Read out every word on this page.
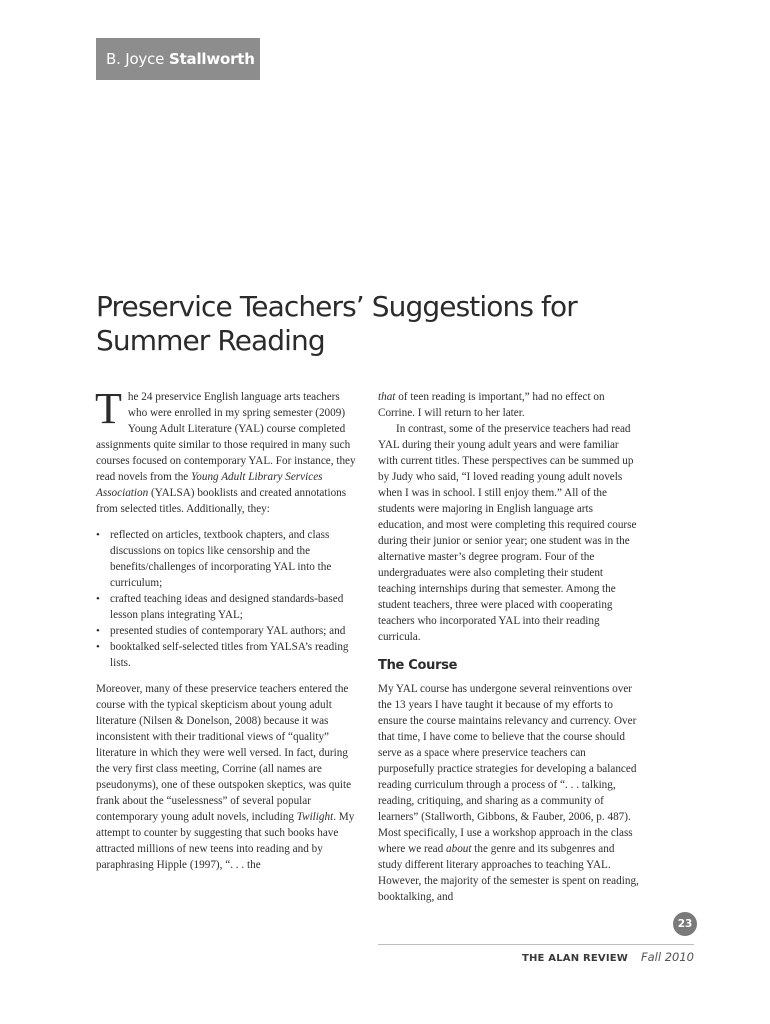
B. Joyce Stallworth
Preservice Teachers’ Suggestions for
Summer Reading

The 24 preservice English language arts teachers who were enrolled in my spring semester (2009) Young Adult Literature (YAL) course completed assignments quite similar to those required in many such courses focused on contemporary YAL. For instance, they read novels from the Young Adult Library Services Association (YALSA) booklists and created annotations from selected titles. Additionally, they:

• reflected on articles, textbook chapters, and class discussions on topics like censorship and the benefits/challenges of incorporating YAL into the curriculum;
• crafted teaching ideas and designed standards-based lesson plans integrating YAL;
• presented studies of contemporary YAL authors; and
• booktalked self-selected titles from YALSA’s reading lists.

Moreover, many of these preservice teachers entered the course with the typical skepticism about young adult literature (Nilsen & Donelson, 2008) because it was inconsistent with their traditional views of “quality” literature in which they were well versed. In fact, during the very first class meeting, Corrine (all names are pseudonyms), one of these outspoken skeptics, was quite frank about the “uselessness” of several popular contemporary young adult novels, including Twilight. My attempt to counter by suggesting that such books have attracted millions of new teens into reading and by paraphrasing Hipple (1997), “. . . the

that of teen reading is important,” had no effect on Corrine. I will return to her later.

In contrast, some of the preservice teachers had read YAL during their young adult years and were familiar with current titles. These perspectives can be summed up by Judy who said, “I loved reading young adult novels when I was in school. I still enjoy them.” All of the students were majoring in English language arts education, and most were completing this required course during their junior or senior year; one student was in the alternative master’s degree program. Four of the undergraduates were also completing their student teaching internships during that semester. Among the student teachers, three were placed with cooperating teachers who incorporated YAL into their reading curricula.

The Course

My YAL course has undergone several reinventions over the 13 years I have taught it because of my efforts to ensure the course maintains relevancy and currency. Over that time, I have come to believe that the course should serve as a space where preservice teachers can purposefully practice strategies for developing a balanced reading curriculum through a process of “. . . talking, reading, critiquing, and sharing as a community of learners” (Stallworth, Gibbons, & Fauber, 2006, p. 487). Most specifically, I use a workshop approach in the class where we read about the genre and its subgenres and study different literary approaches to teaching YAL. However, the majority of the semester is spent on reading, booktalking, and

23
THE ALAN REVIEW Fall 2010
